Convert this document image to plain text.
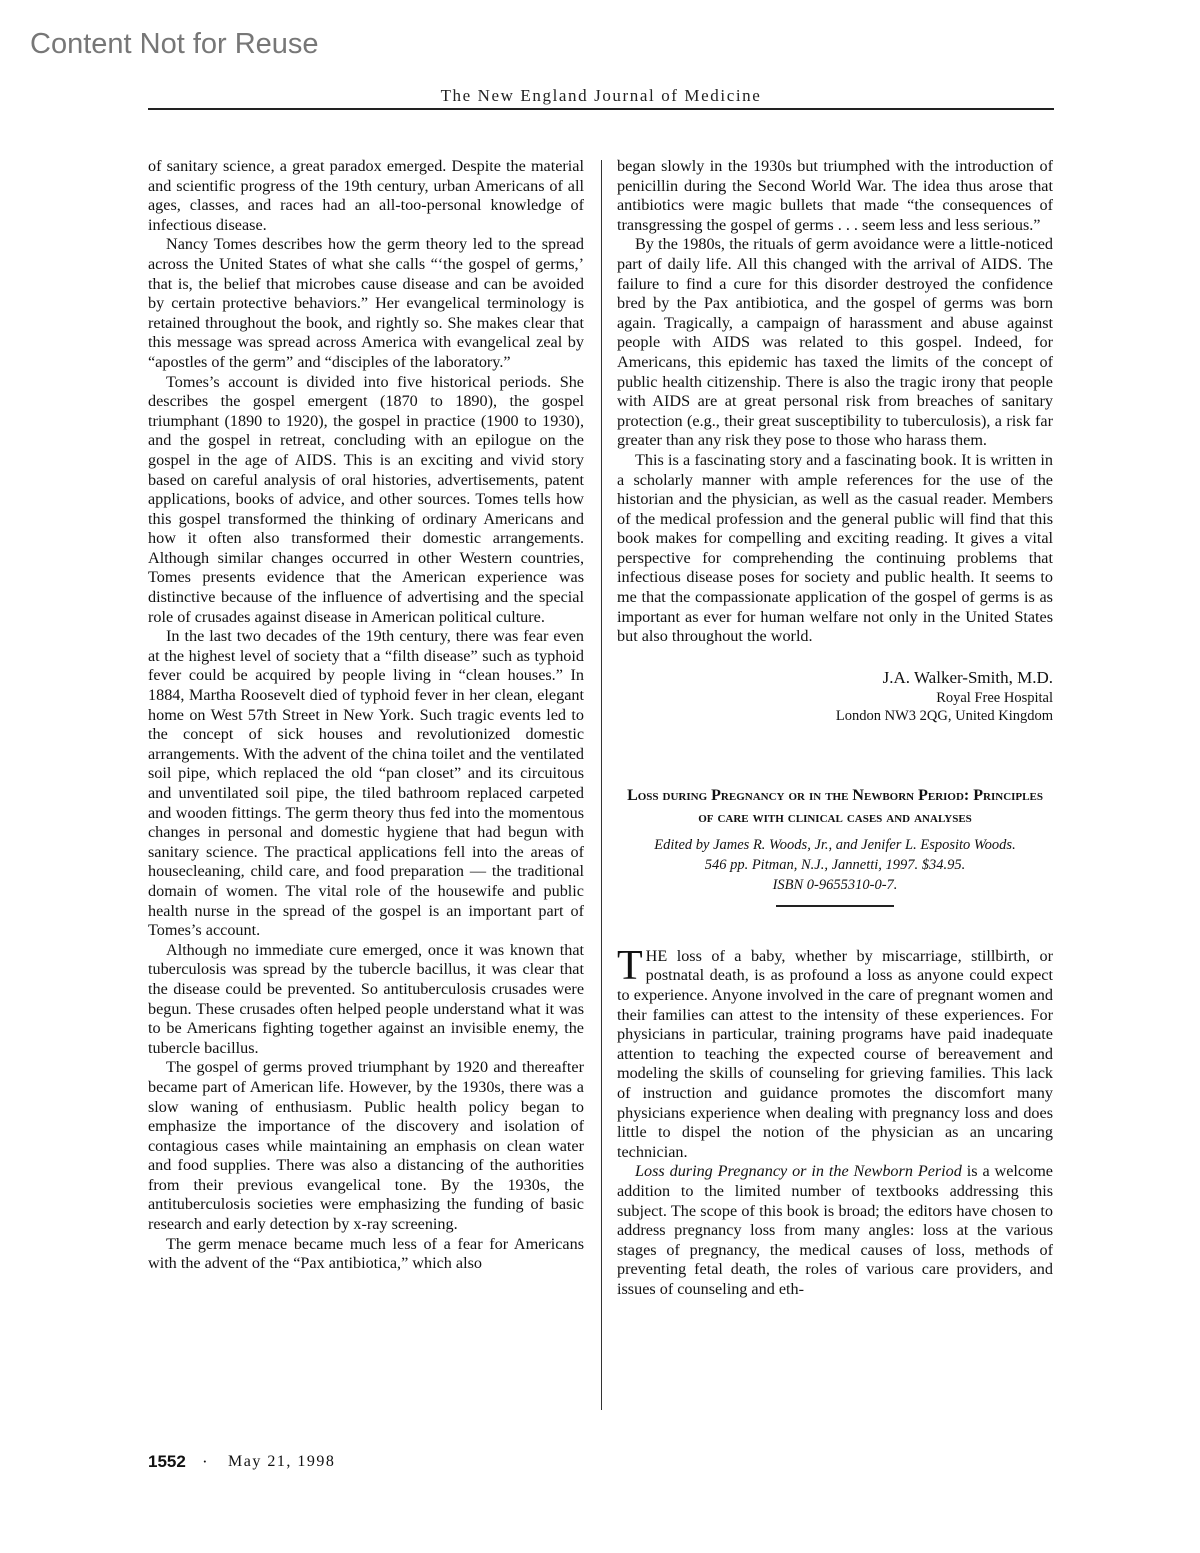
Content Not for Reuse
The New England Journal of Medicine

of sanitary science, a great paradox emerged. Despite the material and scientific progress of the 19th century, urban Americans of all ages, classes, and races had an all-too-personal knowledge of infectious disease.

Nancy Tomes describes how the germ theory led to the spread across the United States of what she calls “‘the gospel of germs,’ that is, the belief that microbes cause disease and can be avoided by certain protective behaviors.” Her evangelical terminology is retained throughout the book, and rightly so. She makes clear that this message was spread across America with evangelical zeal by “apostles of the germ” and “disciples of the laboratory.”

Tomes’s account is divided into five historical periods. She describes the gospel emergent (1870 to 1890), the gospel triumphant (1890 to 1920), the gospel in practice (1900 to 1930), and the gospel in retreat, concluding with an epilogue on the gospel in the age of AIDS. This is an exciting and vivid story based on careful analysis of oral histories, advertisements, patent applications, books of advice, and other sources. Tomes tells how this gospel transformed the thinking of ordinary Americans and how it often also transformed their domestic arrangements. Although similar changes occurred in other Western countries, Tomes presents evidence that the American experience was distinctive because of the influence of advertising and the special role of crusades against disease in American political culture.

In the last two decades of the 19th century, there was fear even at the highest level of society that a “filth disease” such as typhoid fever could be acquired by people living in “clean houses.” In 1884, Martha Roosevelt died of typhoid fever in her clean, elegant home on West 57th Street in New York. Such tragic events led to the concept of sick houses and revolutionized domestic arrangements. With the advent of the china toilet and the ventilated soil pipe, which replaced the old “pan closet” and its circuitous and unventilated soil pipe, the tiled bathroom replaced carpeted and wooden fittings. The germ theory thus fed into the momentous changes in personal and domestic hygiene that had begun with sanitary science. The practical applications fell into the areas of housecleaning, child care, and food preparation — the traditional domain of women. The vital role of the housewife and public health nurse in the spread of the gospel is an important part of Tomes’s account.

Although no immediate cure emerged, once it was known that tuberculosis was spread by the tubercle bacillus, it was clear that the disease could be prevented. So antituberculosis crusades were begun. These crusades often helped people understand what it was to be Americans fighting together against an invisible enemy, the tubercle bacillus.

The gospel of germs proved triumphant by 1920 and thereafter became part of American life. However, by the 1930s, there was a slow waning of enthusiasm. Public health policy began to emphasize the importance of the discovery and isolation of contagious cases while maintaining an emphasis on clean water and food supplies. There was also a distancing of the authorities from their previous evangelical tone. By the 1930s, the antituberculosis societies were emphasizing the funding of basic research and early detection by x-ray screening.

The germ menace became much less of a fear for Americans with the advent of the “Pax antibiotica,” which also

began slowly in the 1930s but triumphed with the introduction of penicillin during the Second World War. The idea thus arose that antibiotics were magic bullets that made “the consequences of transgressing the gospel of germs . . . seem less and less serious.”

By the 1980s, the rituals of germ avoidance were a little-noticed part of daily life. All this changed with the arrival of AIDS. The failure to find a cure for this disorder destroyed the confidence bred by the Pax antibiotica, and the gospel of germs was born again. Tragically, a campaign of harassment and abuse against people with AIDS was related to this gospel. Indeed, for Americans, this epidemic has taxed the limits of the concept of public health citizenship. There is also the tragic irony that people with AIDS are at great personal risk from breaches of sanitary protection (e.g., their great susceptibility to tuberculosis), a risk far greater than any risk they pose to those who harass them.

This is a fascinating story and a fascinating book. It is written in a scholarly manner with ample references for the use of the historian and the physician, as well as the casual reader. Members of the medical profession and the general public will find that this book makes for compelling and exciting reading. It gives a vital perspective for comprehending the continuing problems that infectious disease poses for society and public health. It seems to me that the compassionate application of the gospel of germs is as important as ever for human welfare not only in the United States but also throughout the world.

J.A. Walker-Smith, M.D.
Royal Free Hospital
London NW3 2QG, United Kingdom
Loss during Pregnancy or in the Newborn Period: Principles of care with clinical cases and analyses
Edited by James R. Woods, Jr., and Jenifer L. Esposito Woods.
546 pp. Pitman, N.J., Jannetti, 1997. $34.95.
ISBN 0-9655310-0-7.

THE loss of a baby, whether by miscarriage, stillbirth, or postnatal death, is as profound a loss as anyone could expect to experience. Anyone involved in the care of pregnant women and their families can attest to the intensity of these experiences. For physicians in particular, training programs have paid inadequate attention to teaching the expected course of bereavement and modeling the skills of counseling for grieving families. This lack of instruction and guidance promotes the discomfort many physicians experience when dealing with pregnancy loss and does little to dispel the notion of the physician as an uncaring technician.

Loss during Pregnancy or in the Newborn Period is a welcome addition to the limited number of textbooks addressing this subject. The scope of this book is broad; the editors have chosen to address pregnancy loss from many angles: loss at the various stages of pregnancy, the medical causes of loss, methods of preventing fetal death, the roles of various care providers, and issues of counseling and eth-

1552 · May 21, 1998
